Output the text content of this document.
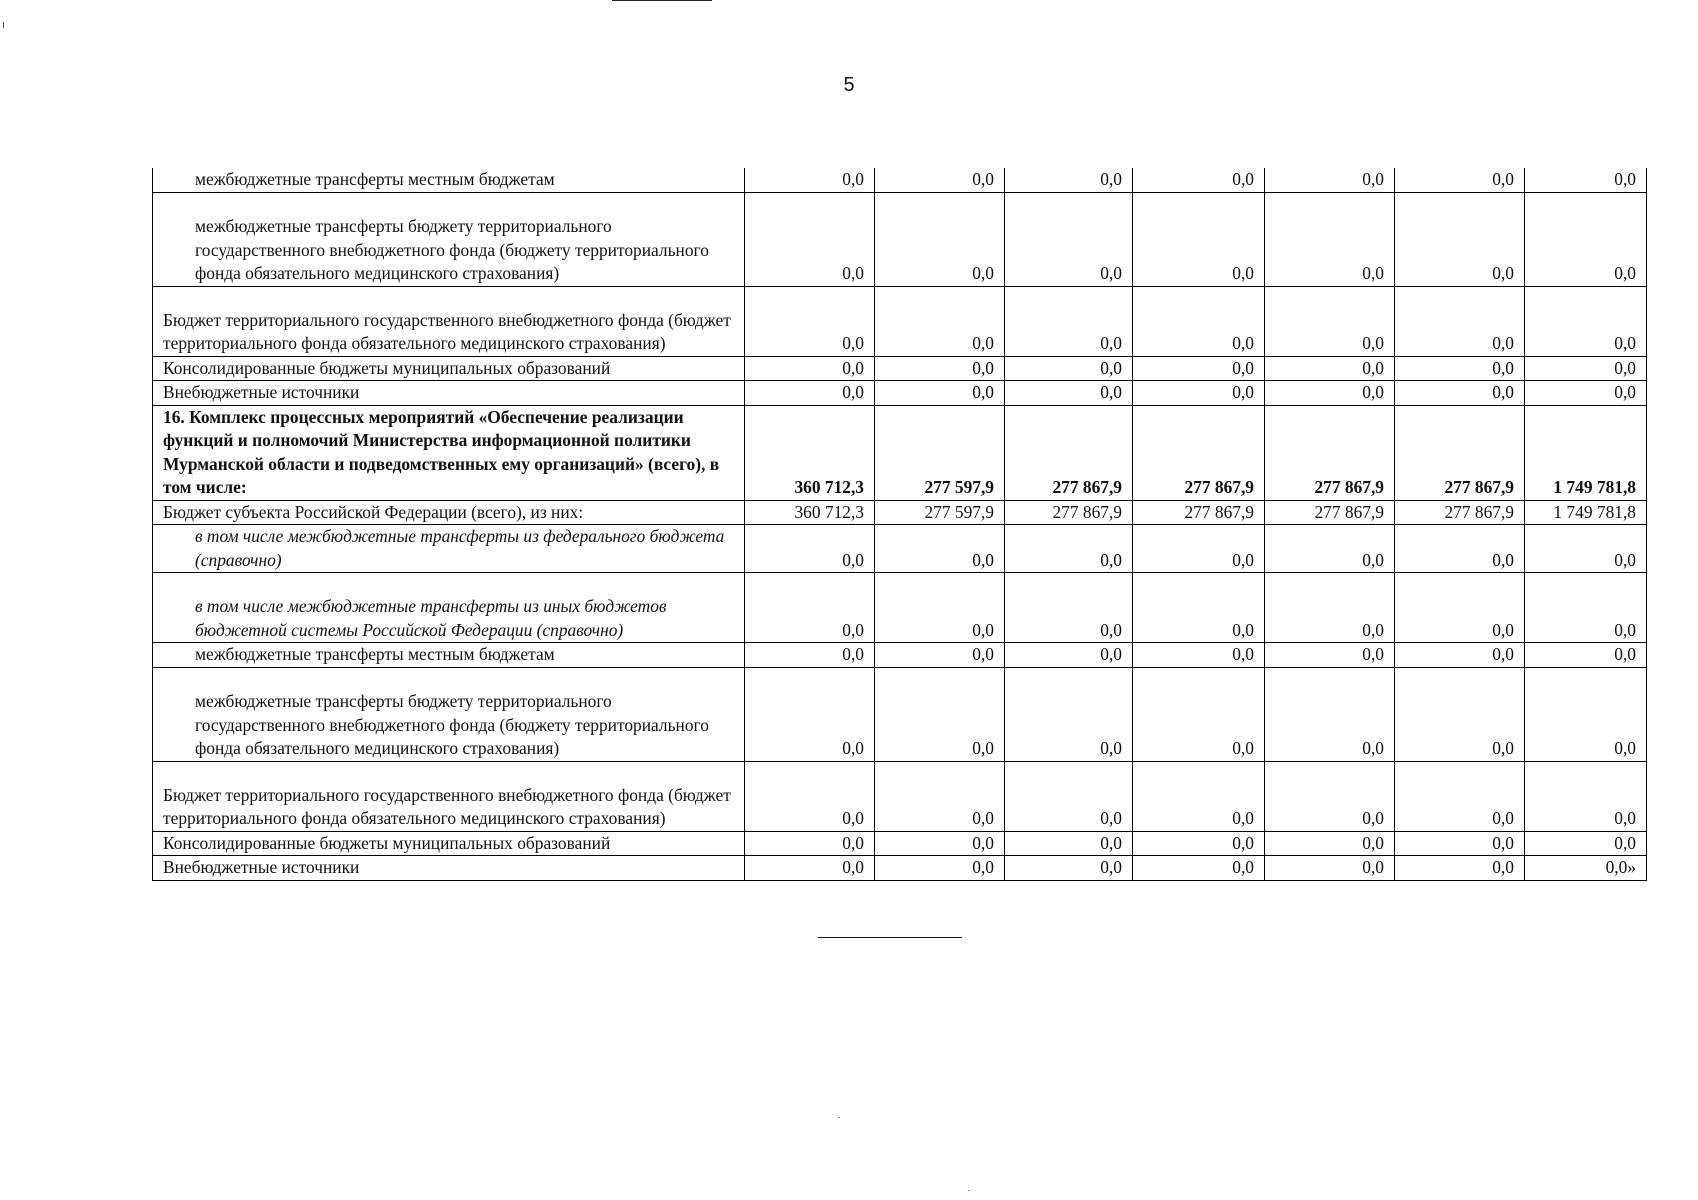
5
межбюджетные трансферты местным бюджетам	0,0	0,0	0,0	0,0	0,0	0,0	0,0
межбюджетные трансферты бюджету территориального государственного внебюджетного фонда (бюджету территориального фонда обязательного медицинского страхования)	0,0	0,0	0,0	0,0	0,0	0,0	0,0
Бюджет территориального государственного внебюджетного фонда (бюджет территориального фонда обязательного медицинского страхования)	0,0	0,0	0,0	0,0	0,0	0,0	0,0
Консолидированные бюджеты муниципальных образований	0,0	0,0	0,0	0,0	0,0	0,0	0,0
Внебюджетные источники	0,0	0,0	0,0	0,0	0,0	0,0	0,0
16. Комплекс процессных мероприятий «Обеспечение реализации функций и полномочий Министерства информационной политики Мурманской области и подведомственных ему организаций» (всего), в том числе:	360 712,3	277 597,9	277 867,9	277 867,9	277 867,9	277 867,9	1 749 781,8
Бюджет субъекта Российской Федерации (всего), из них:	360 712,3	277 597,9	277 867,9	277 867,9	277 867,9	277 867,9	1 749 781,8
в том числе межбюджетные трансферты из федерального бюджета (справочно)	0,0	0,0	0,0	0,0	0,0	0,0	0,0
в том числе межбюджетные трансферты из иных бюджетов бюджетной системы Российской Федерации (справочно)	0,0	0,0	0,0	0,0	0,0	0,0	0,0
межбюджетные трансферты местным бюджетам	0,0	0,0	0,0	0,0	0,0	0,0	0,0
межбюджетные трансферты бюджету территориального государственного внебюджетного фонда (бюджету территориального фонда обязательного медицинского страхования)	0,0	0,0	0,0	0,0	0,0	0,0	0,0
Бюджет территориального государственного внебюджетного фонда (бюджет территориального фонда обязательного медицинского страхования)	0,0	0,0	0,0	0,0	0,0	0,0	0,0
Консолидированные бюджеты муниципальных образований	0,0	0,0	0,0	0,0	0,0	0,0	0,0
Внебюджетные источники	0,0	0,0	0,0	0,0	0,0	0,0	0,0»
